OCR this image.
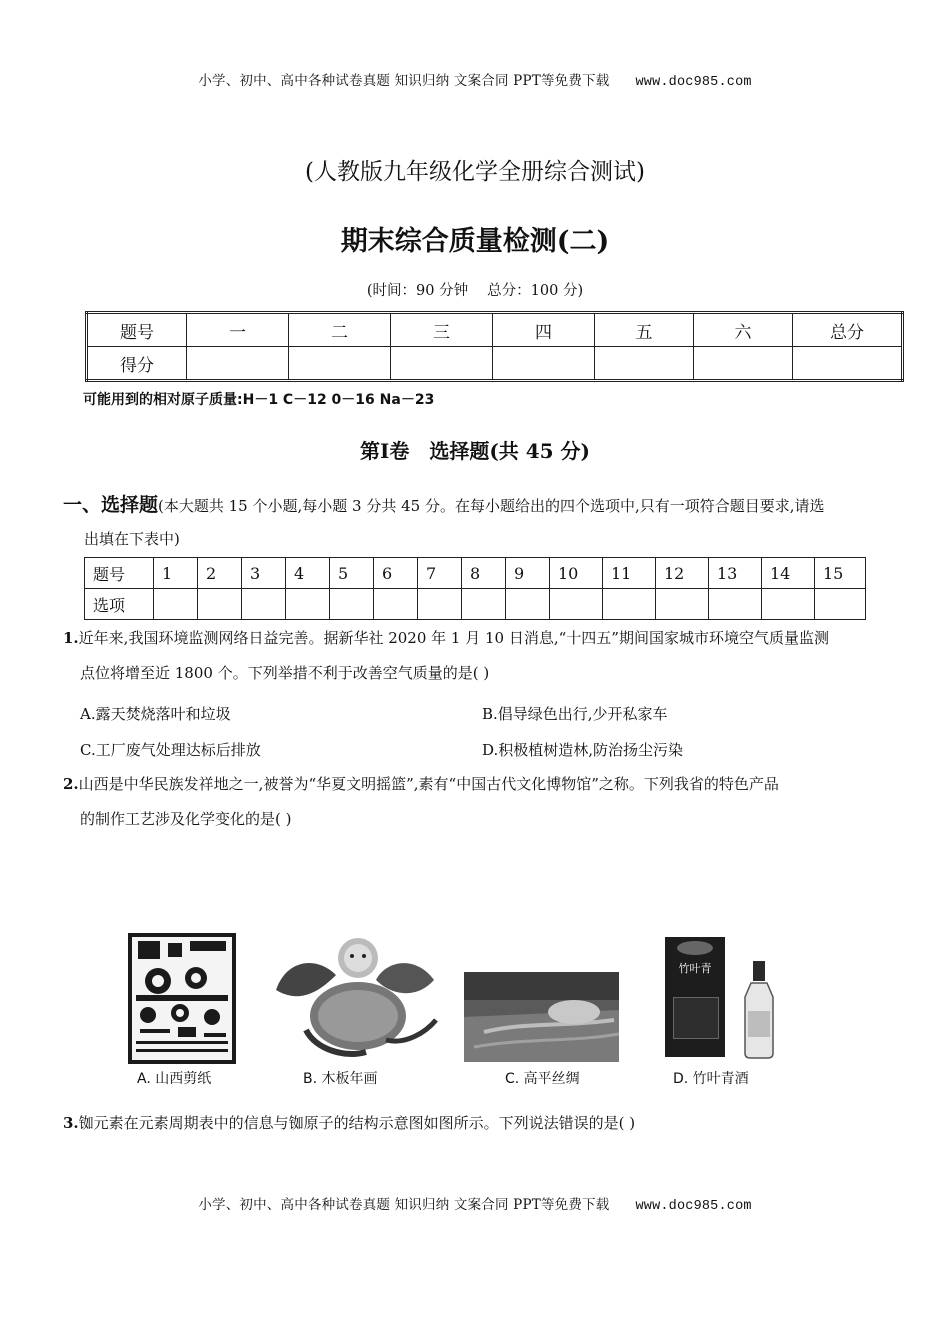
小学、初中、高中各种试卷真题 知识归纳 文案合同 PPT等免费下载 www.doc985.com
(人教版九年级化学全册综合测试)
期末综合质量检测(二)
(时间：90 分钟　 总分：100 分)
题号	一	二	三	四	五	六	总分
得分							
可能用到的相对原子质量:H－1 C－12 0－16 Na－23
第Ⅰ卷　选择题(共 45 分)
一、选择题(本大题共 15 个小题,每小题 3 分共 45 分。在每小题给出的四个选项中,只有一项符合题目要求,请选
出填在下表中)
题号	1	2	3	4	5	6	7	8	9	10	11	12	13	14	15
选项															
1.近年来,我国环境监测网络日益完善。据新华社 2020 年 1 月 10 日消息,“十四五”期间国家城市环境空气质量监测
点位将增至近 1800 个。下列举措不利于改善空气质量的是( )
A.露天焚烧落叶和垃圾	B.倡导绿色出行,少开私家车
C.工厂废气处理达标后排放	D.积极植树造林,防治扬尘污染
2.山西是中华民族发祥地之一,被誉为“华夏文明摇篮”,素有“中国古代文化博物馆”之称。下列我省的特色产品
的制作工艺涉及化学变化的是( )
A. 山西剪纸	B. 木板年画	C. 高平丝绸
竹叶青
D. 竹叶青酒
3.铷元素在元素周期表中的信息与铷原子的结构示意图如图所示。下列说法错误的是( )
小学、初中、高中各种试卷真题 知识归纳 文案合同 PPT等免费下载 www.doc985.com
